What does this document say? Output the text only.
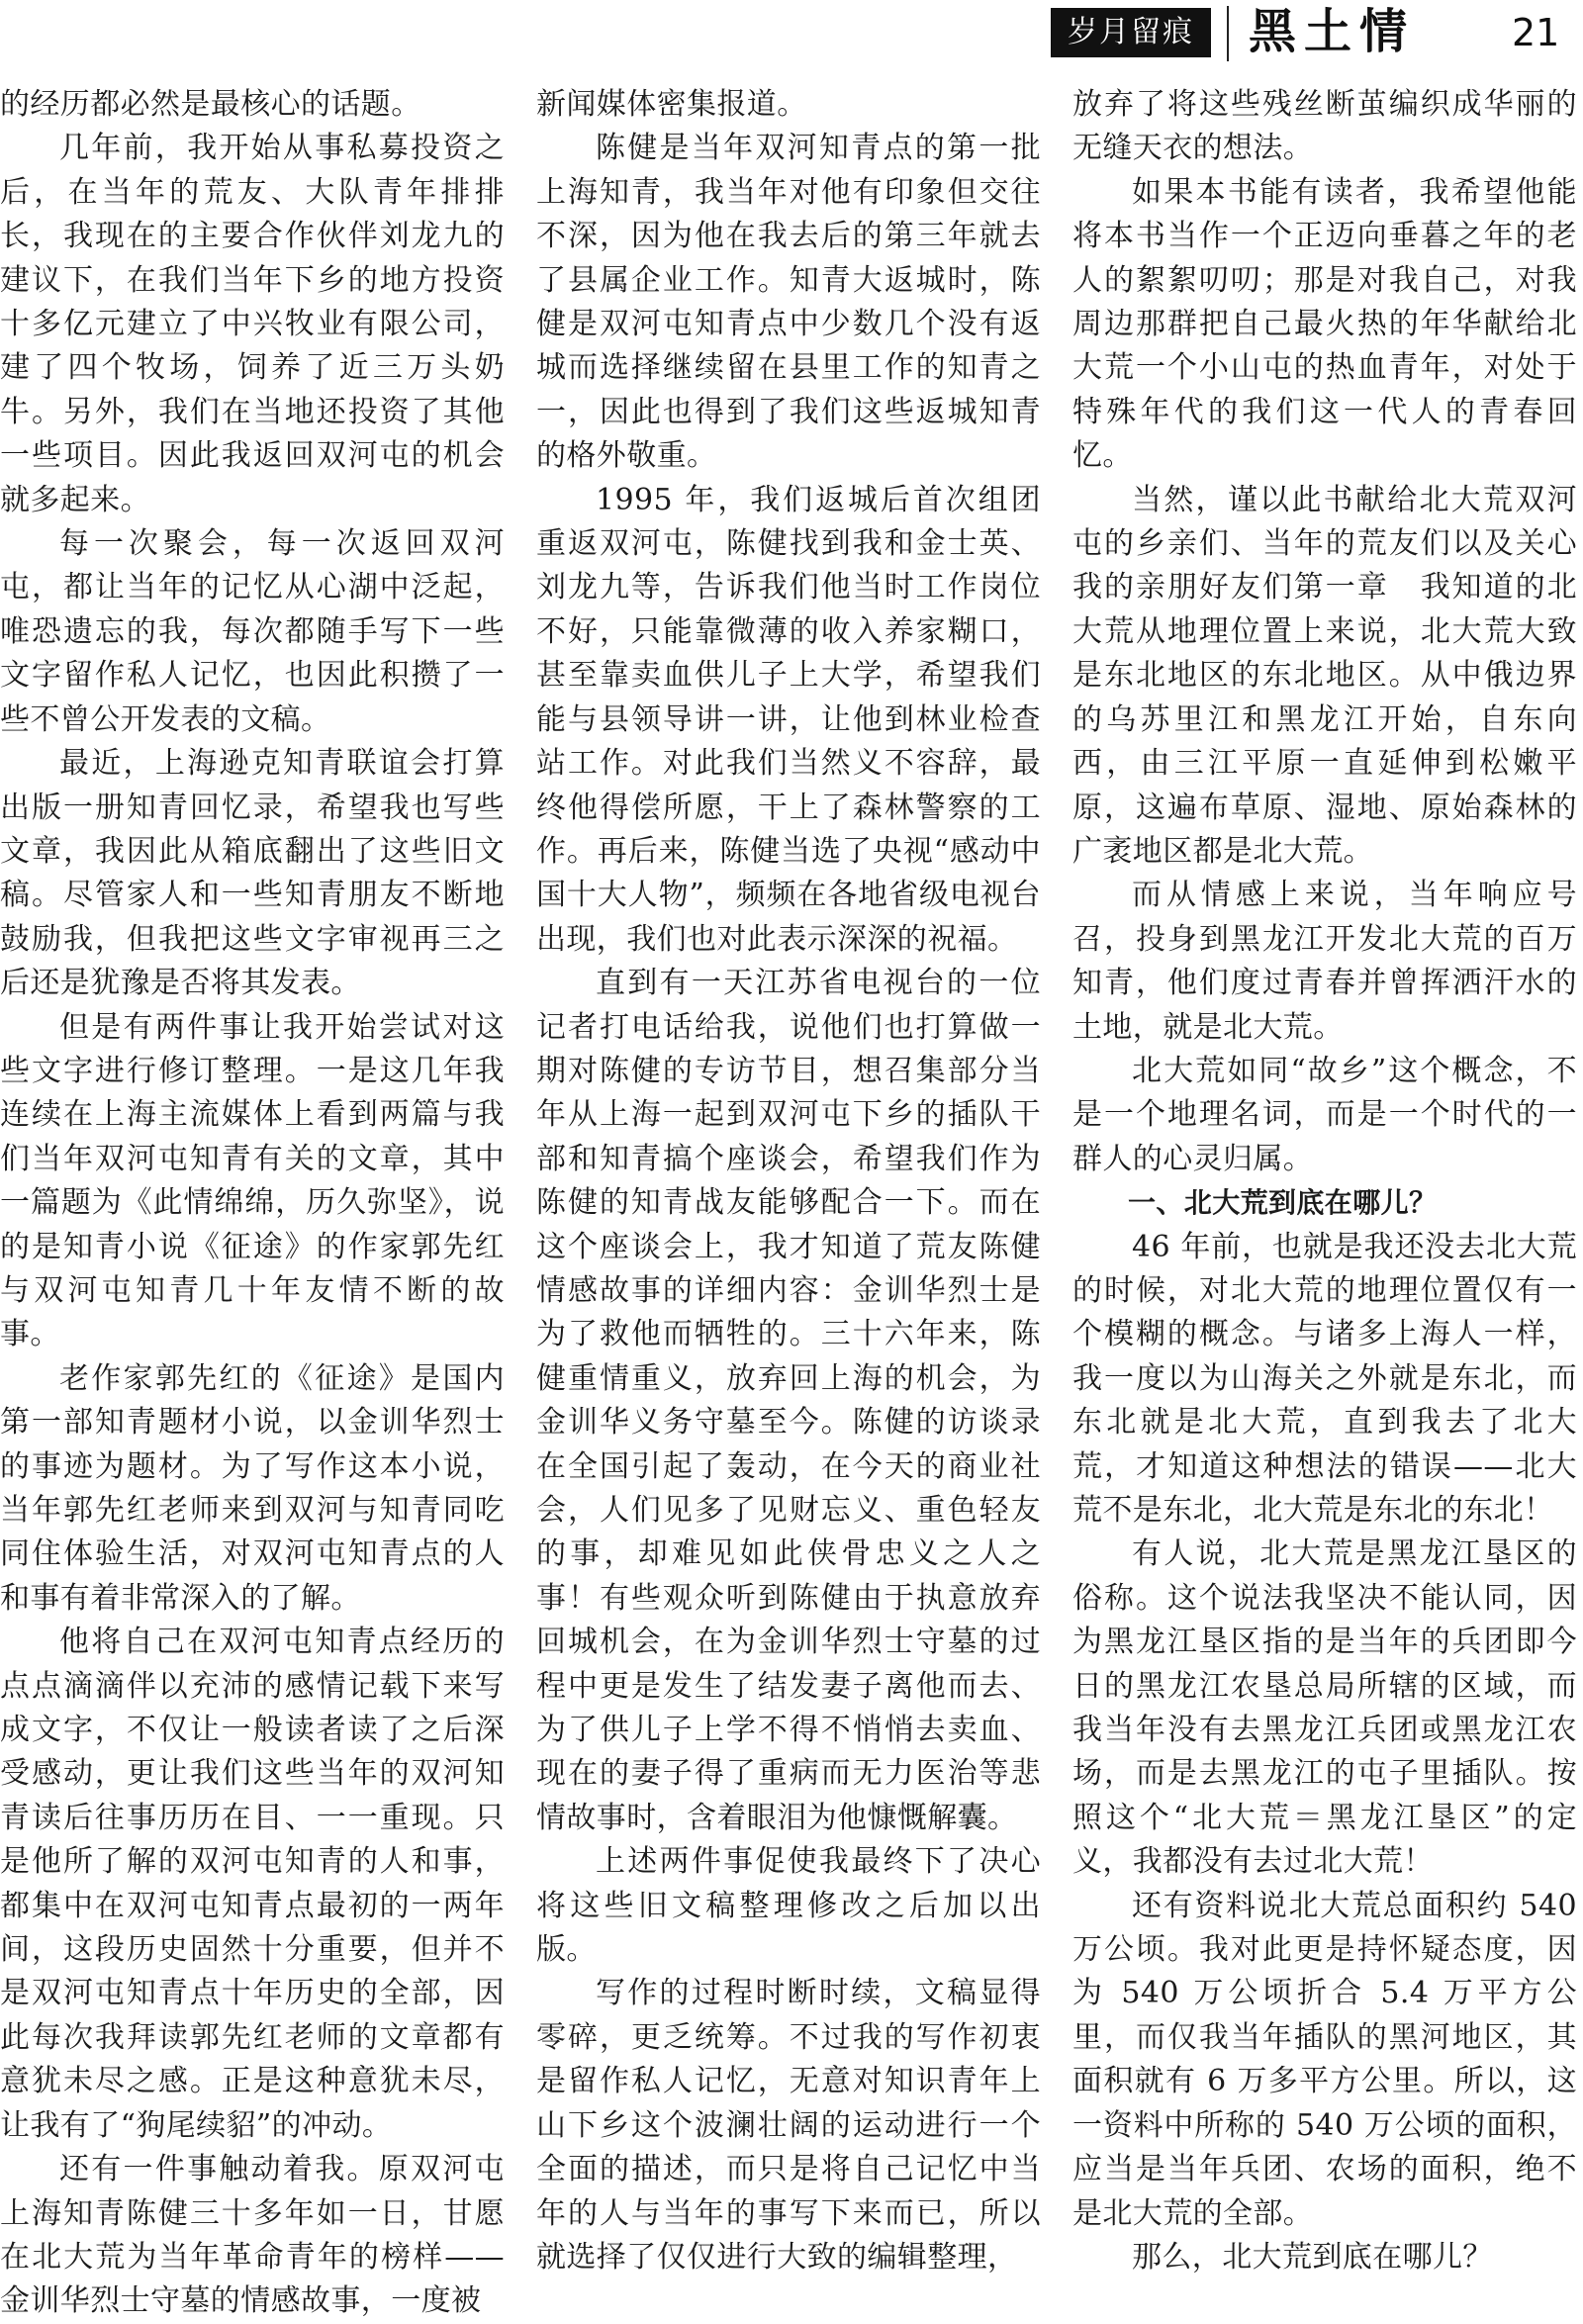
岁月留痕	黑土情	21

的经历都必然是最核心的话题。

几年前，我开始从事私募投资之后，在当年的荒友、大队青年排排长，我现在的主要合作伙伴刘龙九的建议下，在我们当年下乡的地方投资十多亿元建立了中兴牧业有限公司，建了四个牧场，饲养了近三万头奶牛。另外，我们在当地还投资了其他一些项目。因此我返回双河屯的机会就多起来。

每一次聚会，每一次返回双河屯，都让当年的记忆从心湖中泛起，唯恐遗忘的我，每次都随手写下一些文字留作私人记忆，也因此积攒了一些不曾公开发表的文稿。

最近，上海逊克知青联谊会打算出版一册知青回忆录，希望我也写些文章，我因此从箱底翻出了这些旧文稿。尽管家人和一些知青朋友不断地鼓励我，但我把这些文字审视再三之后还是犹豫是否将其发表。

但是有两件事让我开始尝试对这些文字进行修订整理。一是这几年我连续在上海主流媒体上看到两篇与我们当年双河屯知青有关的文章，其中一篇题为《此情绵绵，历久弥坚》，说的是知青小说《征途》的作家郭先红与双河屯知青几十年友情不断的故事。

老作家郭先红的《征途》是国内第一部知青题材小说，以金训华烈士的事迹为题材。为了写作这本小说，当年郭先红老师来到双河与知青同吃同住体验生活，对双河屯知青点的人和事有着非常深入的了解。

他将自己在双河屯知青点经历的点点滴滴伴以充沛的感情记载下来写成文字，不仅让一般读者读了之后深受感动，更让我们这些当年的双河知青读后往事历历在目、一一重现。只是他所了解的双河屯知青的人和事，都集中在双河屯知青点最初的一两年间，这段历史固然十分重要，但并不是双河屯知青点十年历史的全部，因此每次我拜读郭先红老师的文章都有意犹未尽之感。正是这种意犹未尽，让我有了“狗尾续貂”的冲动。

还有一件事触动着我。原双河屯上海知青陈健三十多年如一日，甘愿在北大荒为当年革命青年的榜样——金训华烈士守墓的情感故事，一度被

新闻媒体密集报道。

陈健是当年双河知青点的第一批上海知青，我当年对他有印象但交往不深，因为他在我去后的第三年就去了县属企业工作。知青大返城时，陈健是双河屯知青点中少数几个没有返城而选择继续留在县里工作的知青之一，因此也得到了我们这些返城知青的格外敬重。

1995 年，我们返城后首次组团重返双河屯，陈健找到我和金士英、刘龙九等，告诉我们他当时工作岗位不好，只能靠微薄的收入养家糊口，甚至靠卖血供儿子上大学，希望我们能与县领导讲一讲，让他到林业检查站工作。对此我们当然义不容辞，最终他得偿所愿，干上了森林警察的工作。再后来，陈健当选了央视“感动中国十大人物”，频频在各地省级电视台出现，我们也对此表示深深的祝福。

直到有一天江苏省电视台的一位记者打电话给我，说他们也打算做一期对陈健的专访节目，想召集部分当年从上海一起到双河屯下乡的插队干部和知青搞个座谈会，希望我们作为陈健的知青战友能够配合一下。而在这个座谈会上，我才知道了荒友陈健情感故事的详细内容：金训华烈士是为了救他而牺牲的。三十六年来，陈健重情重义，放弃回上海的机会，为金训华义务守墓至今。陈健的访谈录在全国引起了轰动，在今天的商业社会，人们见多了见财忘义、重色轻友的事，却难见如此侠骨忠义之人之事！有些观众听到陈健由于执意放弃回城机会，在为金训华烈士守墓的过程中更是发生了结发妻子离他而去、为了供儿子上学不得不悄悄去卖血、现在的妻子得了重病而无力医治等悲情故事时，含着眼泪为他慷慨解囊。

上述两件事促使我最终下了决心将这些旧文稿整理修改之后加以出版。

写作的过程时断时续，文稿显得零碎，更乏统筹。不过我的写作初衷是留作私人记忆，无意对知识青年上山下乡这个波澜壮阔的运动进行一个全面的描述，而只是将自己记忆中当年的人与当年的事写下来而已，所以就选择了仅仅进行大致的编辑整理，

放弃了将这些残丝断茧编织成华丽的无缝天衣的想法。

如果本书能有读者，我希望他能将本书当作一个正迈向垂暮之年的老人的絮絮叨叨；那是对我自己，对我周边那群把自己最火热的年华献给北大荒一个小山屯的热血青年，对处于特殊年代的我们这一代人的青春回忆。

当然，谨以此书献给北大荒双河屯的乡亲们、当年的荒友们以及关心我的亲朋好友们第一章　我知道的北大荒从地理位置上来说，北大荒大致是东北地区的东北地区。从中俄边界的乌苏里江和黑龙江开始，自东向西，由三江平原一直延伸到松嫩平原，这遍布草原、湿地、原始森林的广袤地区都是北大荒。

而从情感上来说，当年响应号召，投身到黑龙江开发北大荒的百万知青，他们度过青春并曾挥洒汗水的土地，就是北大荒。

北大荒如同“故乡”这个概念，不是一个地理名词，而是一个时代的一群人的心灵归属。

一、北大荒到底在哪儿？

46 年前，也就是我还没去北大荒的时候，对北大荒的地理位置仅有一个模糊的概念。与诸多上海人一样，我一度以为山海关之外就是东北，而东北就是北大荒，直到我去了北大荒，才知道这种想法的错误——北大荒不是东北，北大荒是东北的东北！

有人说，北大荒是黑龙江垦区的俗称。这个说法我坚决不能认同，因为黑龙江垦区指的是当年的兵团即今日的黑龙江农垦总局所辖的区域，而我当年没有去黑龙江兵团或黑龙江农场，而是去黑龙江的屯子里插队。按照这个“北大荒＝黑龙江垦区”的定义，我都没有去过北大荒！

还有资料说北大荒总面积约 540 万公顷。我对此更是持怀疑态度，因为 540 万公顷折合 5.4 万平方公里，而仅我当年插队的黑河地区，其面积就有 6 万多平方公里。所以，这一资料中所称的 540 万公顷的面积，应当是当年兵团、农场的面积，绝不是北大荒的全部。

那么，北大荒到底在哪儿？
